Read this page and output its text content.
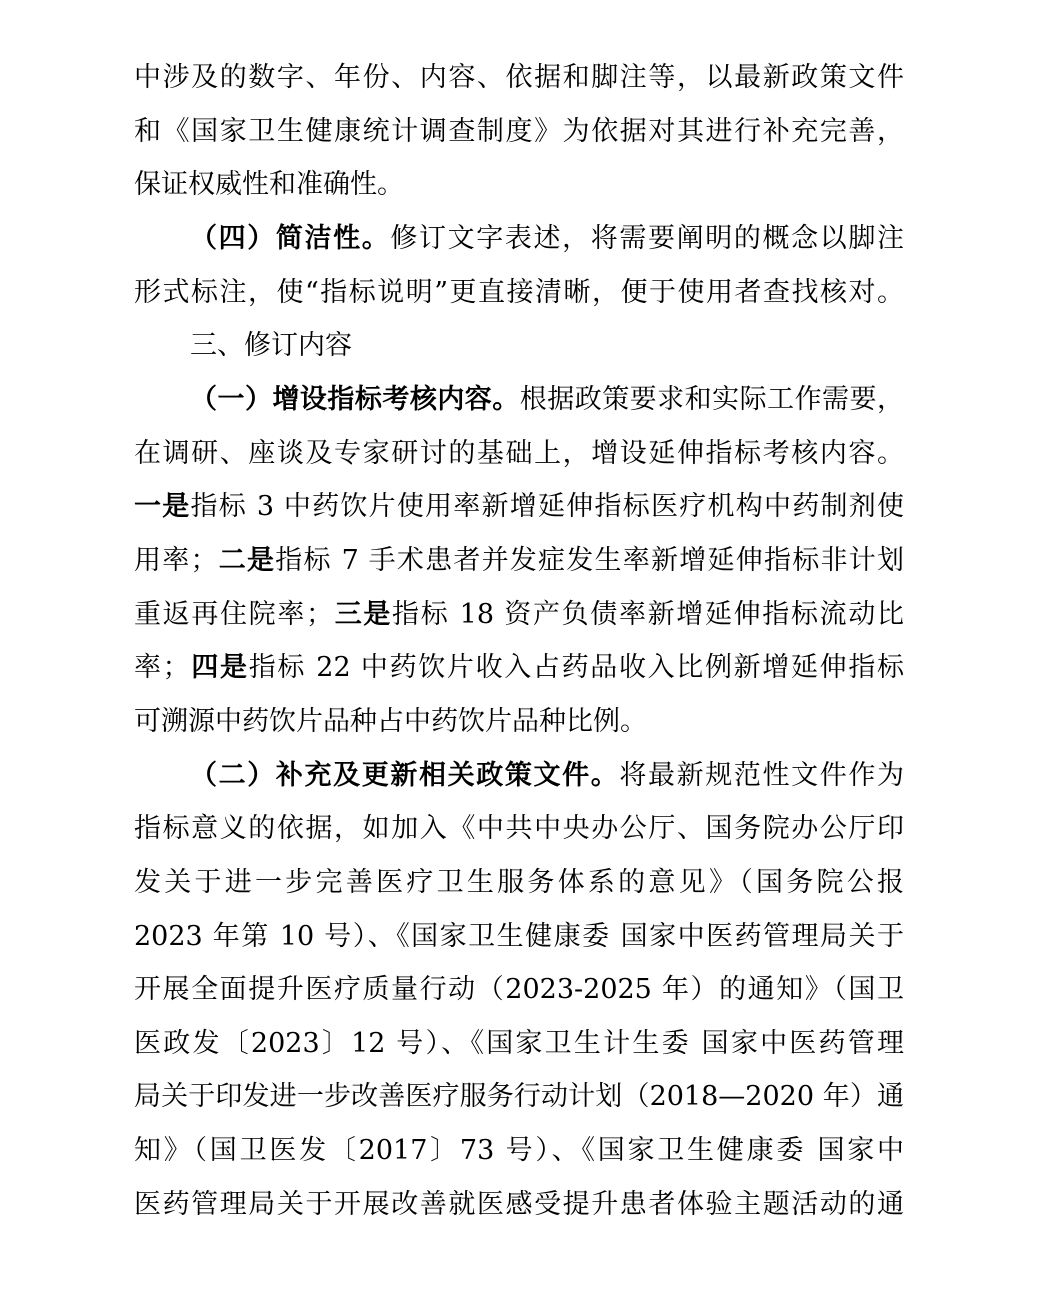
中涉及的数字、年份、内容、依据和脚注等，以最新政策文件
和《国家卫生健康统计调查制度》为依据对其进行补充完善，
保证权威性和准确性。
（四）简洁性。修订文字表述，将需要阐明的概念以脚注
形式标注，使“指标说明”更直接清晰，便于使用者查找核对。
三、修订内容
（一）增设指标考核内容。根据政策要求和实际工作需要，
在调研、座谈及专家研讨的基础上，增设延伸指标考核内容。
一是指标 3 中药饮片使用率新增延伸指标医疗机构中药制剂使
用率；二是指标 7 手术患者并发症发生率新增延伸指标非计划
重返再住院率；三是指标 18 资产负债率新增延伸指标流动比
率；四是指标 22 中药饮片收入占药品收入比例新增延伸指标
可溯源中药饮片品种占中药饮片品种比例。
（二）补充及更新相关政策文件。将最新规范性文件作为
指标意义的依据，如加入《中共中央办公厅、国务院办公厅印
发关于进一步完善医疗卫生服务体系的意见》（国务院公报
2023 年第 10 号）、《国家卫生健康委 国家中医药管理局关于
开展全面提升医疗质量行动（2023-2025 年）的通知》（国卫
医政发〔2023〕12 号）、《国家卫生计生委 国家中医药管理
局关于印发进一步改善医疗服务行动计划（2018—2020 年）通
知》（国卫医发〔2017〕73 号）、《国家卫生健康委 国家中
医药管理局关于开展改善就医感受提升患者体验主题活动的通
